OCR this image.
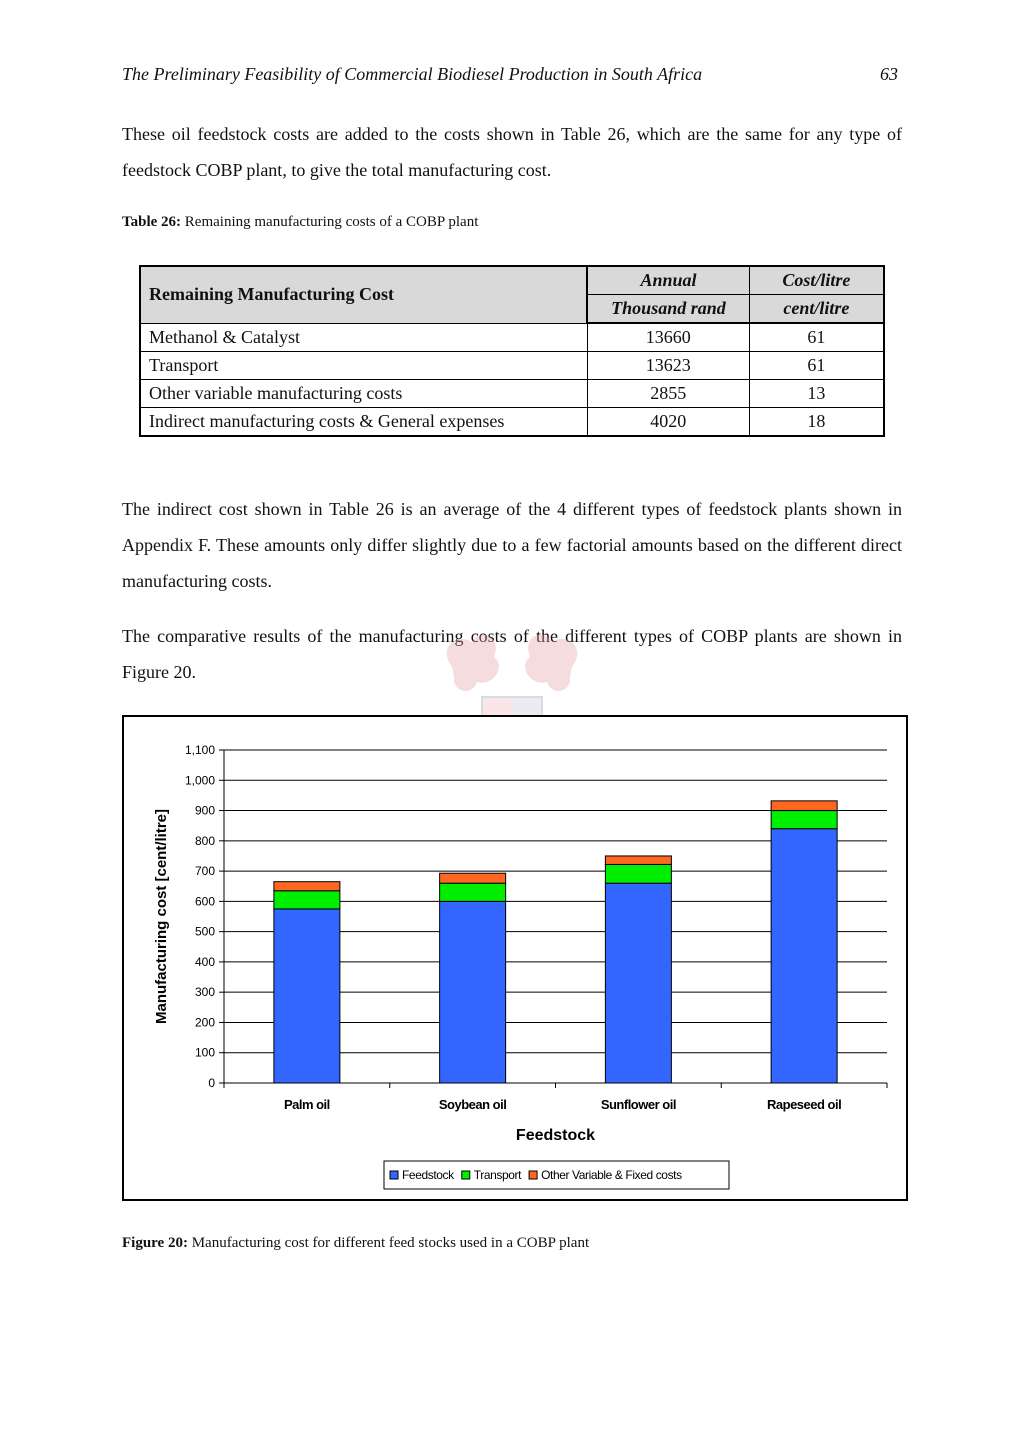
The Preliminary Feasibility of Commercial Biodiesel Production in South Africa	63

These oil feedstock costs are added to the costs shown in Table 26, which are the same for any type of feedstock COBP plant, to give the total manufacturing cost.

Table 26: Remaining manufacturing costs of a COBP plant
Remaining Manufacturing Cost	Annual	Cost/litre
	Thousand rand	cent/litre
Methanol & Catalyst	13660	61
Transport	13623	61
Other variable manufacturing costs	2855	13
Indirect manufacturing costs & General expenses	4020	18

The indirect cost shown in Table 26 is an average of the 4 different types of feedstock plants shown in Appendix F. These amounts only differ slightly due to a few factorial amounts based on the different direct manufacturing costs.

The comparative results of the manufacturing costs of the different types of COBP plants are shown in Figure 20.

0
100
200
300
400
500
600
700
800
900
1,000
1,100
Palm oil	Soybean oil	Sunflower oil	Rapeseed oil
Feedstock
Manufacturing cost [cent/litre]
Feedstock Transport Other Variable & Fixed costs
Figure 20: Manufacturing cost for different feed stocks used in a COBP plant
